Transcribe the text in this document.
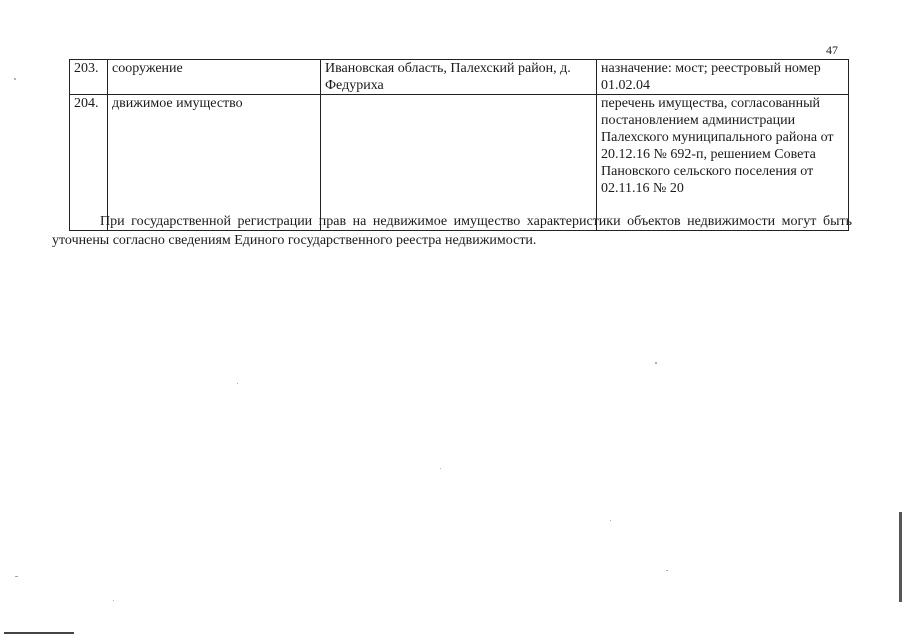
47
203.	сооружение	Ивановская область, Палехский район, д. Федуриха	назначение: мост; реестровый номер 01.02.04
204.	движимое имущество		перечень имущества, согласованный постановлением администрации Палехского муниципального района от 20.12.16 № 692-п, решением Совета Пановского сельского поселения от 02.11.16 № 20

При государственной регистрации прав на недвижимое имущество характеристики объектов недвижимости могут быть уточнены согласно сведениям Единого государственного реестра недвижимости.
